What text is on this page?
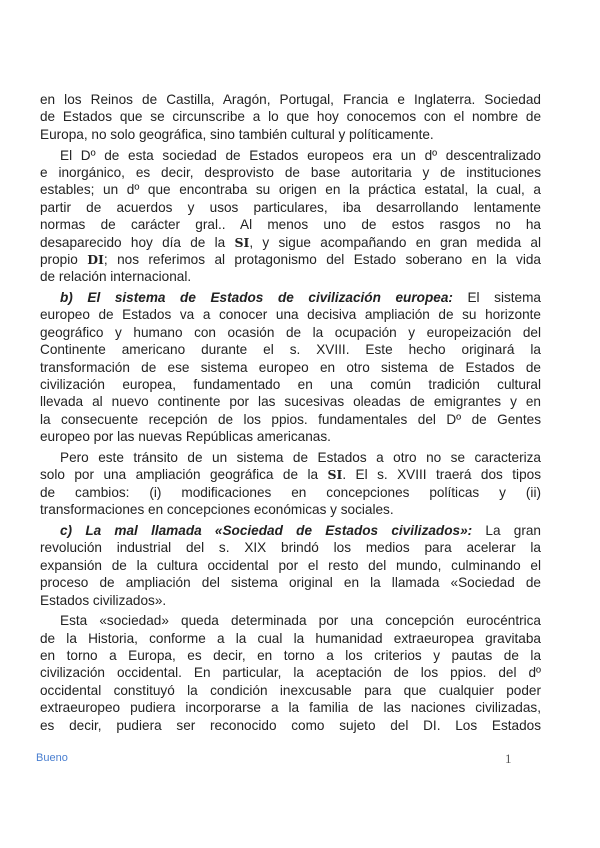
en los Reinos de Castilla, Aragón, Portugal, Francia e Inglaterra. Sociedad
de Estados que se circunscribe a lo que hoy conocemos con el nombre de
Europa, no solo geográfica, sino también cultural y políticamente.
El Dº de esta sociedad de Estados europeos era un dº descentralizado
e inorgánico, es decir, desprovisto de base autoritaria y de instituciones
estables; un dº que encontraba su origen en la práctica estatal, la cual, a
partir de acuerdos y usos particulares, iba desarrollando lentamente
normas de carácter gral.. Al menos uno de estos rasgos no ha
desaparecido hoy día de la SI, y sigue acompañando en gran medida al
propio DI; nos referimos al protagonismo del Estado soberano en la vida
de relación internacional.
b) El sistema de Estados de civilización europea: El sistema
europeo de Estados va a conocer una decisiva ampliación de su horizonte
geográfico y humano con ocasión de la ocupación y europeización del
Continente americano durante el s. XVIII. Este hecho originará la
transformación de ese sistema europeo en otro sistema de Estados de
civilización europea, fundamentado en una común tradición cultural
llevada al nuevo continente por las sucesivas oleadas de emigrantes y en
la consecuente recepción de los ppios. fundamentales del Dº de Gentes
europeo por las nuevas Repúblicas americanas.
Pero este tránsito de un sistema de Estados a otro no se caracteriza
solo por una ampliación geográfica de la SI. El s. XVIII traerá dos tipos
de cambios: (i) modificaciones en concepciones políticas y (ii)
transformaciones en concepciones económicas y sociales.
c) La mal llamada «Sociedad de Estados civilizados»: La gran
revolución industrial del s. XIX brindó los medios para acelerar la
expansión de la cultura occidental por el resto del mundo, culminando el
proceso de ampliación del sistema original en la llamada «Sociedad de
Estados civilizados».
Esta «sociedad» queda determinada por una concepción eurocéntrica
de la Historia, conforme a la cual la humanidad extraeuropea gravitaba
en torno a Europa, es decir, en torno a los criterios y pautas de la
civilización occidental. En particular, la aceptación de los ppios. del dº
occidental constituyó la condición inexcusable para que cualquier poder
extraeuropeo pudiera incorporarse a la familia de las naciones civilizadas,
es decir, pudiera ser reconocido como sujeto del DI. Los Estados
Bueno	1
